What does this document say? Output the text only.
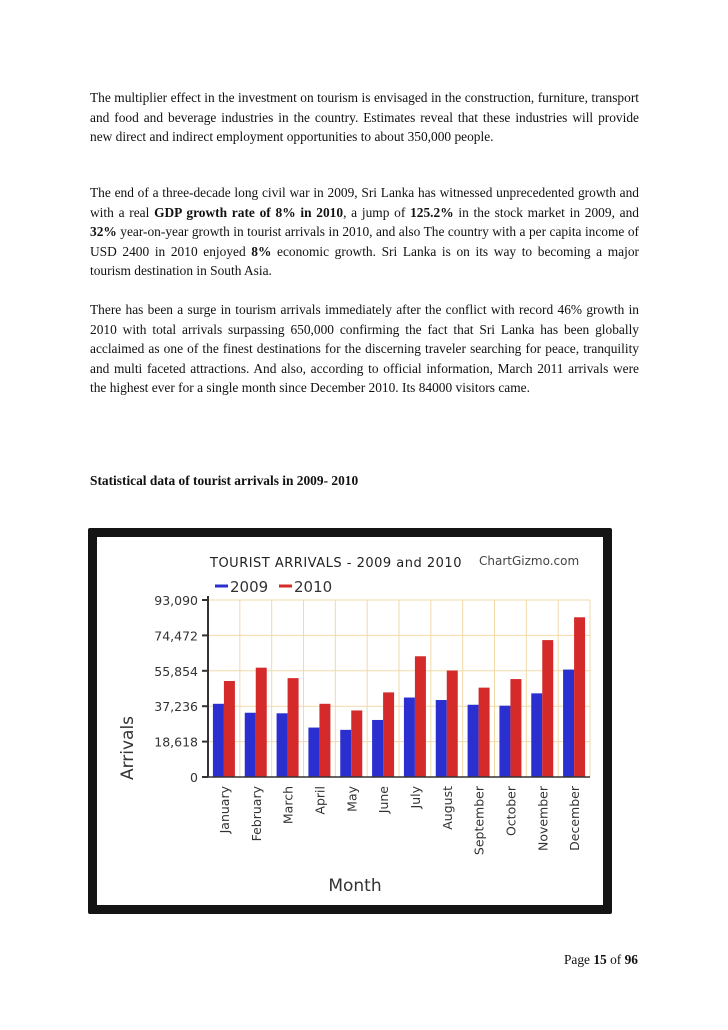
The multiplier effect in the investment on tourism is envisaged in the construction, furniture, transport and food and beverage industries in the country. Estimates reveal that these industries will provide new direct and indirect employment opportunities to about 350,000 people.

The end of a three-decade long civil war in 2009, Sri Lanka has witnessed unprecedented growth and with a real GDP growth rate of 8% in 2010, a jump of 125.2% in the stock market in 2009, and 32% year-on-year growth in tourist arrivals in 2010, and also The country with a per capita income of USD 2400 in 2010 enjoyed 8% economic growth. Sri Lanka is on its way to becoming a major tourism destination in South Asia.

There has been a surge in tourism arrivals immediately after the conflict with record 46% growth in 2010 with total arrivals surpassing 650,000 confirming the fact that Sri Lanka has been globally acclaimed as one of the finest destinations for the discerning traveler searching for peace, tranquility and multi faceted attractions. And also, according to official information, March 2011 arrivals were the highest ever for a single month since December 2010. Its 84000 visitors came.

Statistical data of tourist arrivals in 2009- 2010

TOURIST ARRIVALS - 2009 and 2010 ChartGizmo.com
2009 2010
0
18,618
37,236
55,854
74,472
93,090
January February March April May June July August September October November December
Arrivals
Month
Page 15 of 96
